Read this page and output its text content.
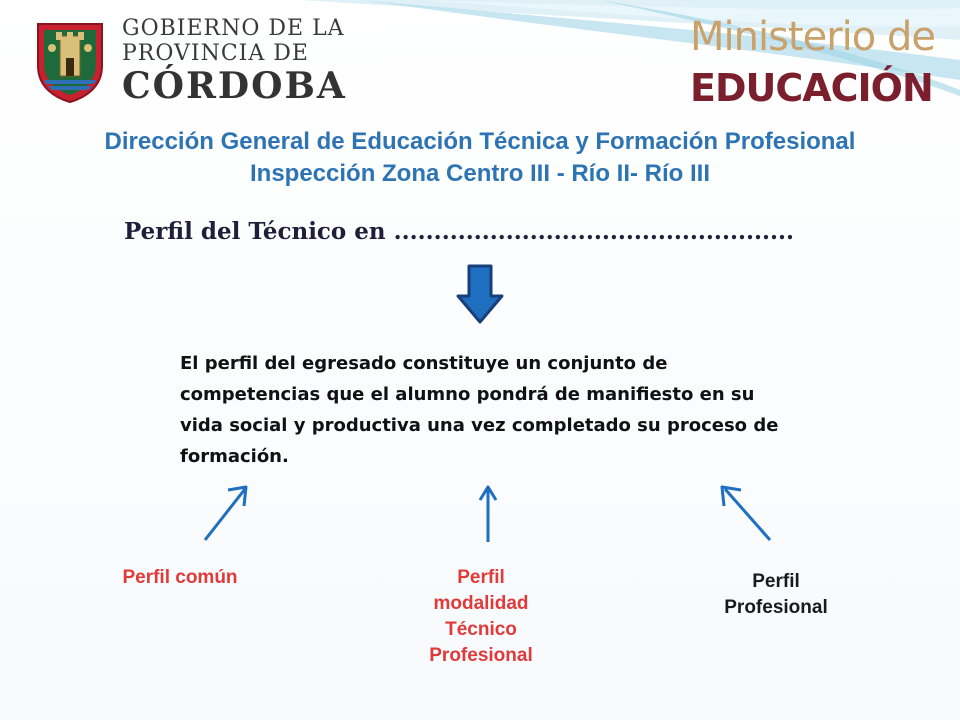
GOBIERNO DE LA
PROVINCIA DE
CÓRDOBA
Ministerio de
EDUCACIÓN
Dirección General de Educación Técnica y Formación Profesional
Inspección Zona Centro III - Río II- Río III
Perfil del Técnico en ..................................................
El perfil del egresado constituye un conjunto de competencias que el alumno pondrá de manifiesto en su vida social y productiva una vez completado su proceso de formación.
Perfil común	Perfil
modalidad
Técnico
Profesional
Perfil
Profesional
